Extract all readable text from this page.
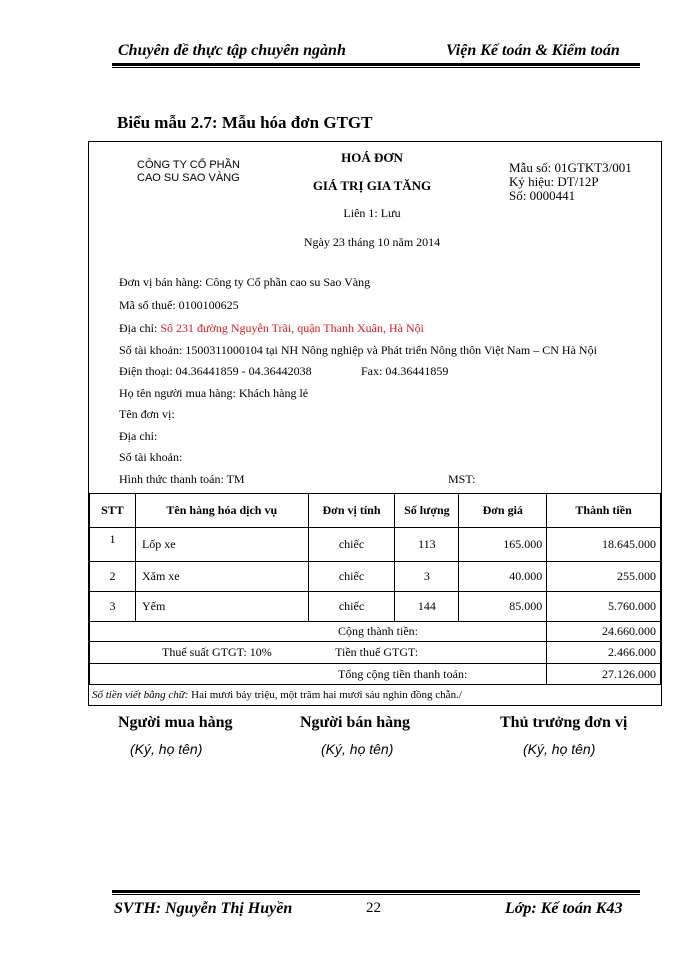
Chuyên đề thực tập chuyên ngành	Viện Kế toán & Kiểm toán
Biểu mẫu 2.7: Mẫu hóa đơn GTGT
CÔNG TY CỔ PHẦN
CAO SU SAO VÀNG
HOÁ ĐƠN
GIÁ TRỊ GIA TĂNG
Liên 1: Lưu
Ngày 23 tháng 10 năm 2014
Mẫu số: 01GTKT3/001
Ký hiệu: DT/12P
Số: 0000441
Đơn vị bán hàng: Công ty Cổ phần cao su Sao Vàng
Mã số thuế: 0100100625
Địa chỉ: Số 231 đường Nguyễn Trãi, quận Thanh Xuân, Hà Nội
Số tài khoản: 1500311000104 tại NH Nông nghiệp và Phát triển Nông thôn Việt Nam – CN Hà Nội
Điện thoại: 04.36441859 - 04.36442038	Fax: 04.36441859
Họ tên người mua hàng: Khách hàng lẻ
Tên đơn vị:
Địa chỉ:
Số tài khoản:
Hình thức thanh toán: TM	MST:
STT	Tên hàng hóa dịch vụ	Đơn vị tính	Số lượng	Đơn giá	Thành tiền
1	Lốp xe	chiếc	113	165.000	18.645.000
2	Xăm xe	chiếc	3	40.000	255.000
3	Yếm	chiếc	144	85.000	5.760.000
Cộng thành tiền:					24.660.000
Thuế suất GTGT: 10%		Tiền thuế GTGT:			2.466.000
Tổng cộng tiền thanh toán:					27.126.000
Số tiền viết bằng chữ: Hai mươi bảy triệu, một trăm hai mươi sáu nghìn đồng chẵn./
Người mua hàng
(Ký, họ tên)
Người bán hàng
(Ký, họ tên)
Thủ trưởng đơn vị
(Ký, họ tên)
SVTH: Nguyễn Thị Huyền	22	Lớp: Kế toán K43
